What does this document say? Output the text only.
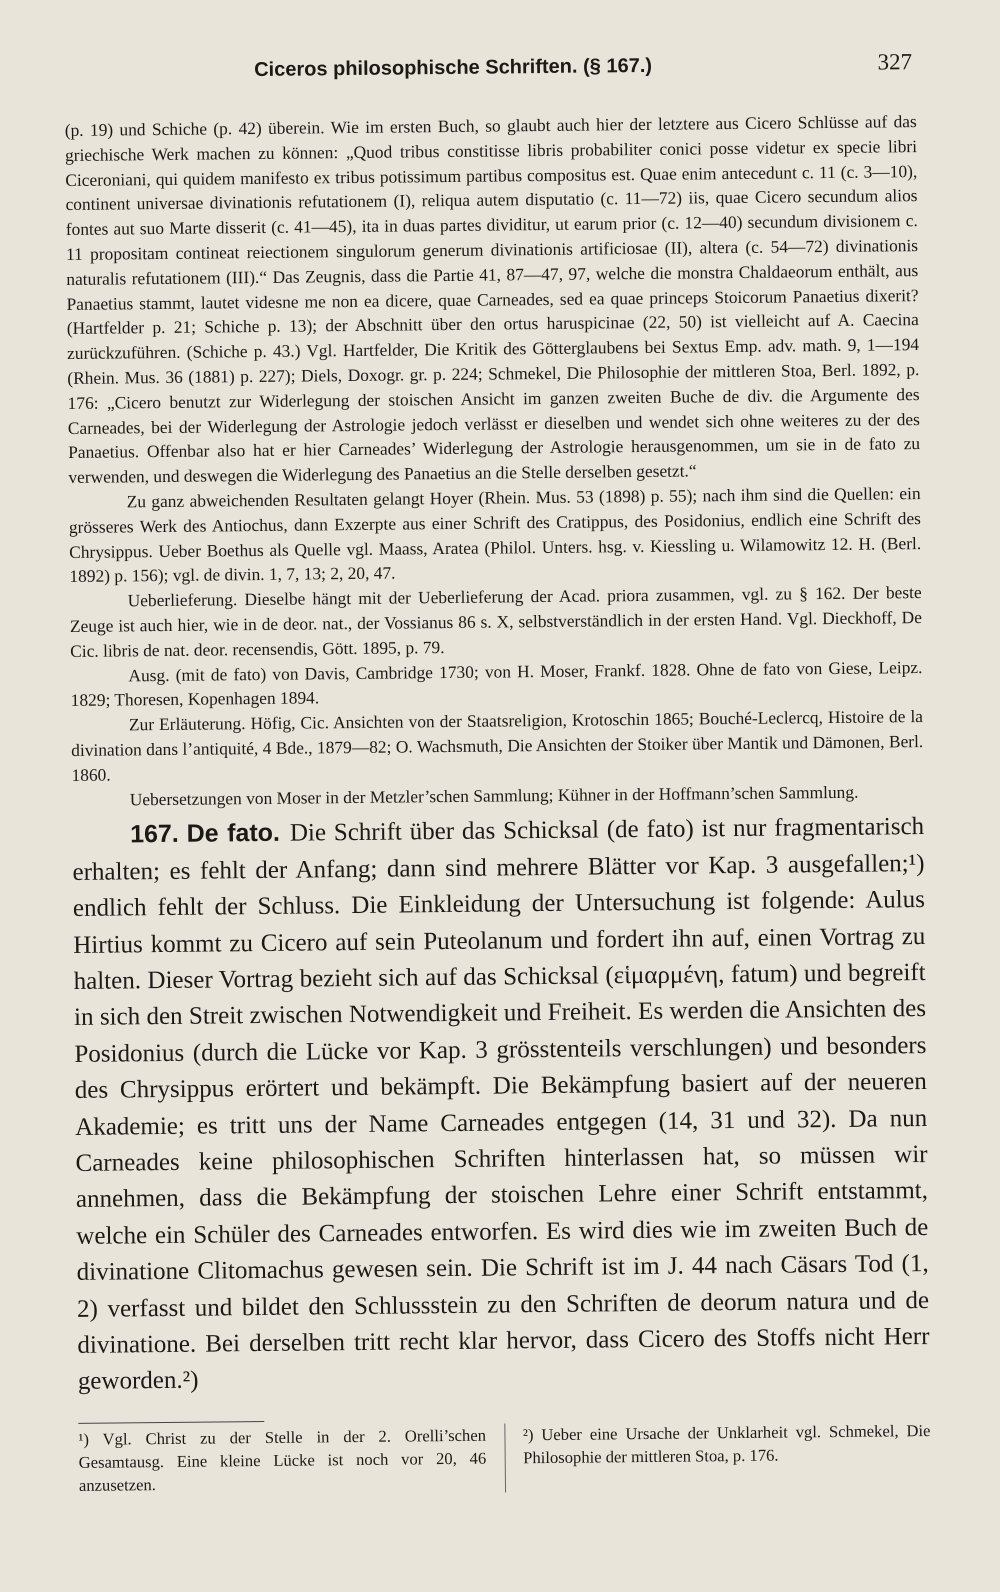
Ciceros philosophische Schriften. (§ 167.)	327

(p. 19) und Schiche (p. 42) überein. Wie im ersten Buch, so glaubt auch hier der letztere aus Cicero Schlüsse auf das griechische Werk machen zu können: „Quod tribus constitisse libris probabiliter conici posse videtur ex specie libri Ciceroniani, qui quidem manifesto ex tribus potissimum partibus compositus est. Quae enim antecedunt c. 11 (c. 3—10), continent universae divinationis refutationem (I), reliqua autem disputatio (c. 11—72) iis, quae Cicero secundum alios fontes aut suo Marte disserit (c. 41—45), ita in duas partes dividitur, ut earum prior (c. 12—40) secundum divisionem c. 11 propositam contineat reiectionem singulorum generum divinationis artificiosae (II), altera (c. 54—72) divinationis naturalis refutationem (III).“ Das Zeugnis, dass die Partie 41, 87—47, 97, welche die monstra Chaldaeorum enthält, aus Panaetius stammt, lautet videsne me non ea dicere, quae Carneades, sed ea quae princeps Stoicorum Panaetius dixerit? (Hartfelder p. 21; Schiche p. 13); der Abschnitt über den ortus haruspicinae (22, 50) ist vielleicht auf A. Caecina zurückzuführen. (Schiche p. 43.) Vgl. Hartfelder, Die Kritik des Götterglaubens bei Sextus Emp. adv. math. 9, 1—194 (Rhein. Mus. 36 (1881) p. 227); Diels, Doxogr. gr. p. 224; Schmekel, Die Philosophie der mittleren Stoa, Berl. 1892, p. 176: „Cicero benutzt zur Widerlegung der stoischen Ansicht im ganzen zweiten Buche de div. die Argumente des Carneades, bei der Widerlegung der Astrologie jedoch verlässt er dieselben und wendet sich ohne weiteres zu der des Panaetius. Offenbar also hat er hier Carneades’ Widerlegung der Astrologie herausgenommen, um sie in de fato zu verwenden, und deswegen die Widerlegung des Panaetius an die Stelle derselben gesetzt.“

Zu ganz abweichenden Resultaten gelangt Hoyer (Rhein. Mus. 53 (1898) p. 55); nach ihm sind die Quellen: ein grösseres Werk des Antiochus, dann Exzerpte aus einer Schrift des Cratippus, des Posidonius, endlich eine Schrift des Chrysippus. Ueber Boethus als Quelle vgl. Maass, Aratea (Philol. Unters. hsg. v. Kiessling u. Wilamowitz 12. H. (Berl. 1892) p. 156); vgl. de divin. 1, 7, 13; 2, 20, 47.

Ueberlieferung. Dieselbe hängt mit der Ueberlieferung der Acad. priora zusammen, vgl. zu § 162. Der beste Zeuge ist auch hier, wie in de deor. nat., der Vossianus 86 s. X, selbstverständlich in der ersten Hand. Vgl. Dieckhoff, De Cic. libris de nat. deor. recensendis, Gött. 1895, p. 79.

Ausg. (mit de fato) von Davis, Cambridge 1730; von H. Moser, Frankf. 1828. Ohne de fato von Giese, Leipz. 1829; Thoresen, Kopenhagen 1894.

Zur Erläuterung. Höfig, Cic. Ansichten von der Staatsreligion, Krotoschin 1865; Bouché-Leclercq, Histoire de la divination dans l’antiquité, 4 Bde., 1879—82; O. Wachsmuth, Die Ansichten der Stoiker über Mantik und Dämonen, Berl. 1860.

Uebersetzungen von Moser in der Metzler’schen Sammlung; Kühner in der Hoffmann’schen Sammlung.

167. De fato. Die Schrift über das Schicksal (de fato) ist nur fragmentarisch erhalten; es fehlt der Anfang; dann sind mehrere Blätter vor Kap. 3 ausgefallen;¹) endlich fehlt der Schluss. Die Einkleidung der Untersuchung ist folgende: Aulus Hirtius kommt zu Cicero auf sein Puteolanum und fordert ihn auf, einen Vortrag zu halten. Dieser Vortrag bezieht sich auf das Schicksal (εἱμαρμένη, fatum) und begreift in sich den Streit zwischen Notwendigkeit und Freiheit. Es werden die Ansichten des Posidonius (durch die Lücke vor Kap. 3 grösstenteils verschlungen) und besonders des Chrysippus erörtert und bekämpft. Die Bekämpfung basiert auf der neueren Akademie; es tritt uns der Name Carneades entgegen (14, 31 und 32). Da nun Carneades keine philosophischen Schriften hinterlassen hat, so müssen wir annehmen, dass die Bekämpfung der stoischen Lehre einer Schrift entstammt, welche ein Schüler des Carneades entworfen. Es wird dies wie im zweiten Buch de divinatione Clitomachus gewesen sein. Die Schrift ist im J. 44 nach Cäsars Tod (1, 2) verfasst und bildet den Schlussstein zu den Schriften de deorum natura und de divinatione. Bei derselben tritt recht klar hervor, dass Cicero des Stoffs nicht Herr geworden.²)

¹) Vgl. Christ zu der Stelle in der 2. Orelli’schen Gesamtausg. Eine kleine Lücke ist noch vor 20, 46 anzusetzen.
²) Ueber eine Ursache der Unklarheit vgl. Schmekel, Die Philosophie der mittleren Stoa, p. 176.
